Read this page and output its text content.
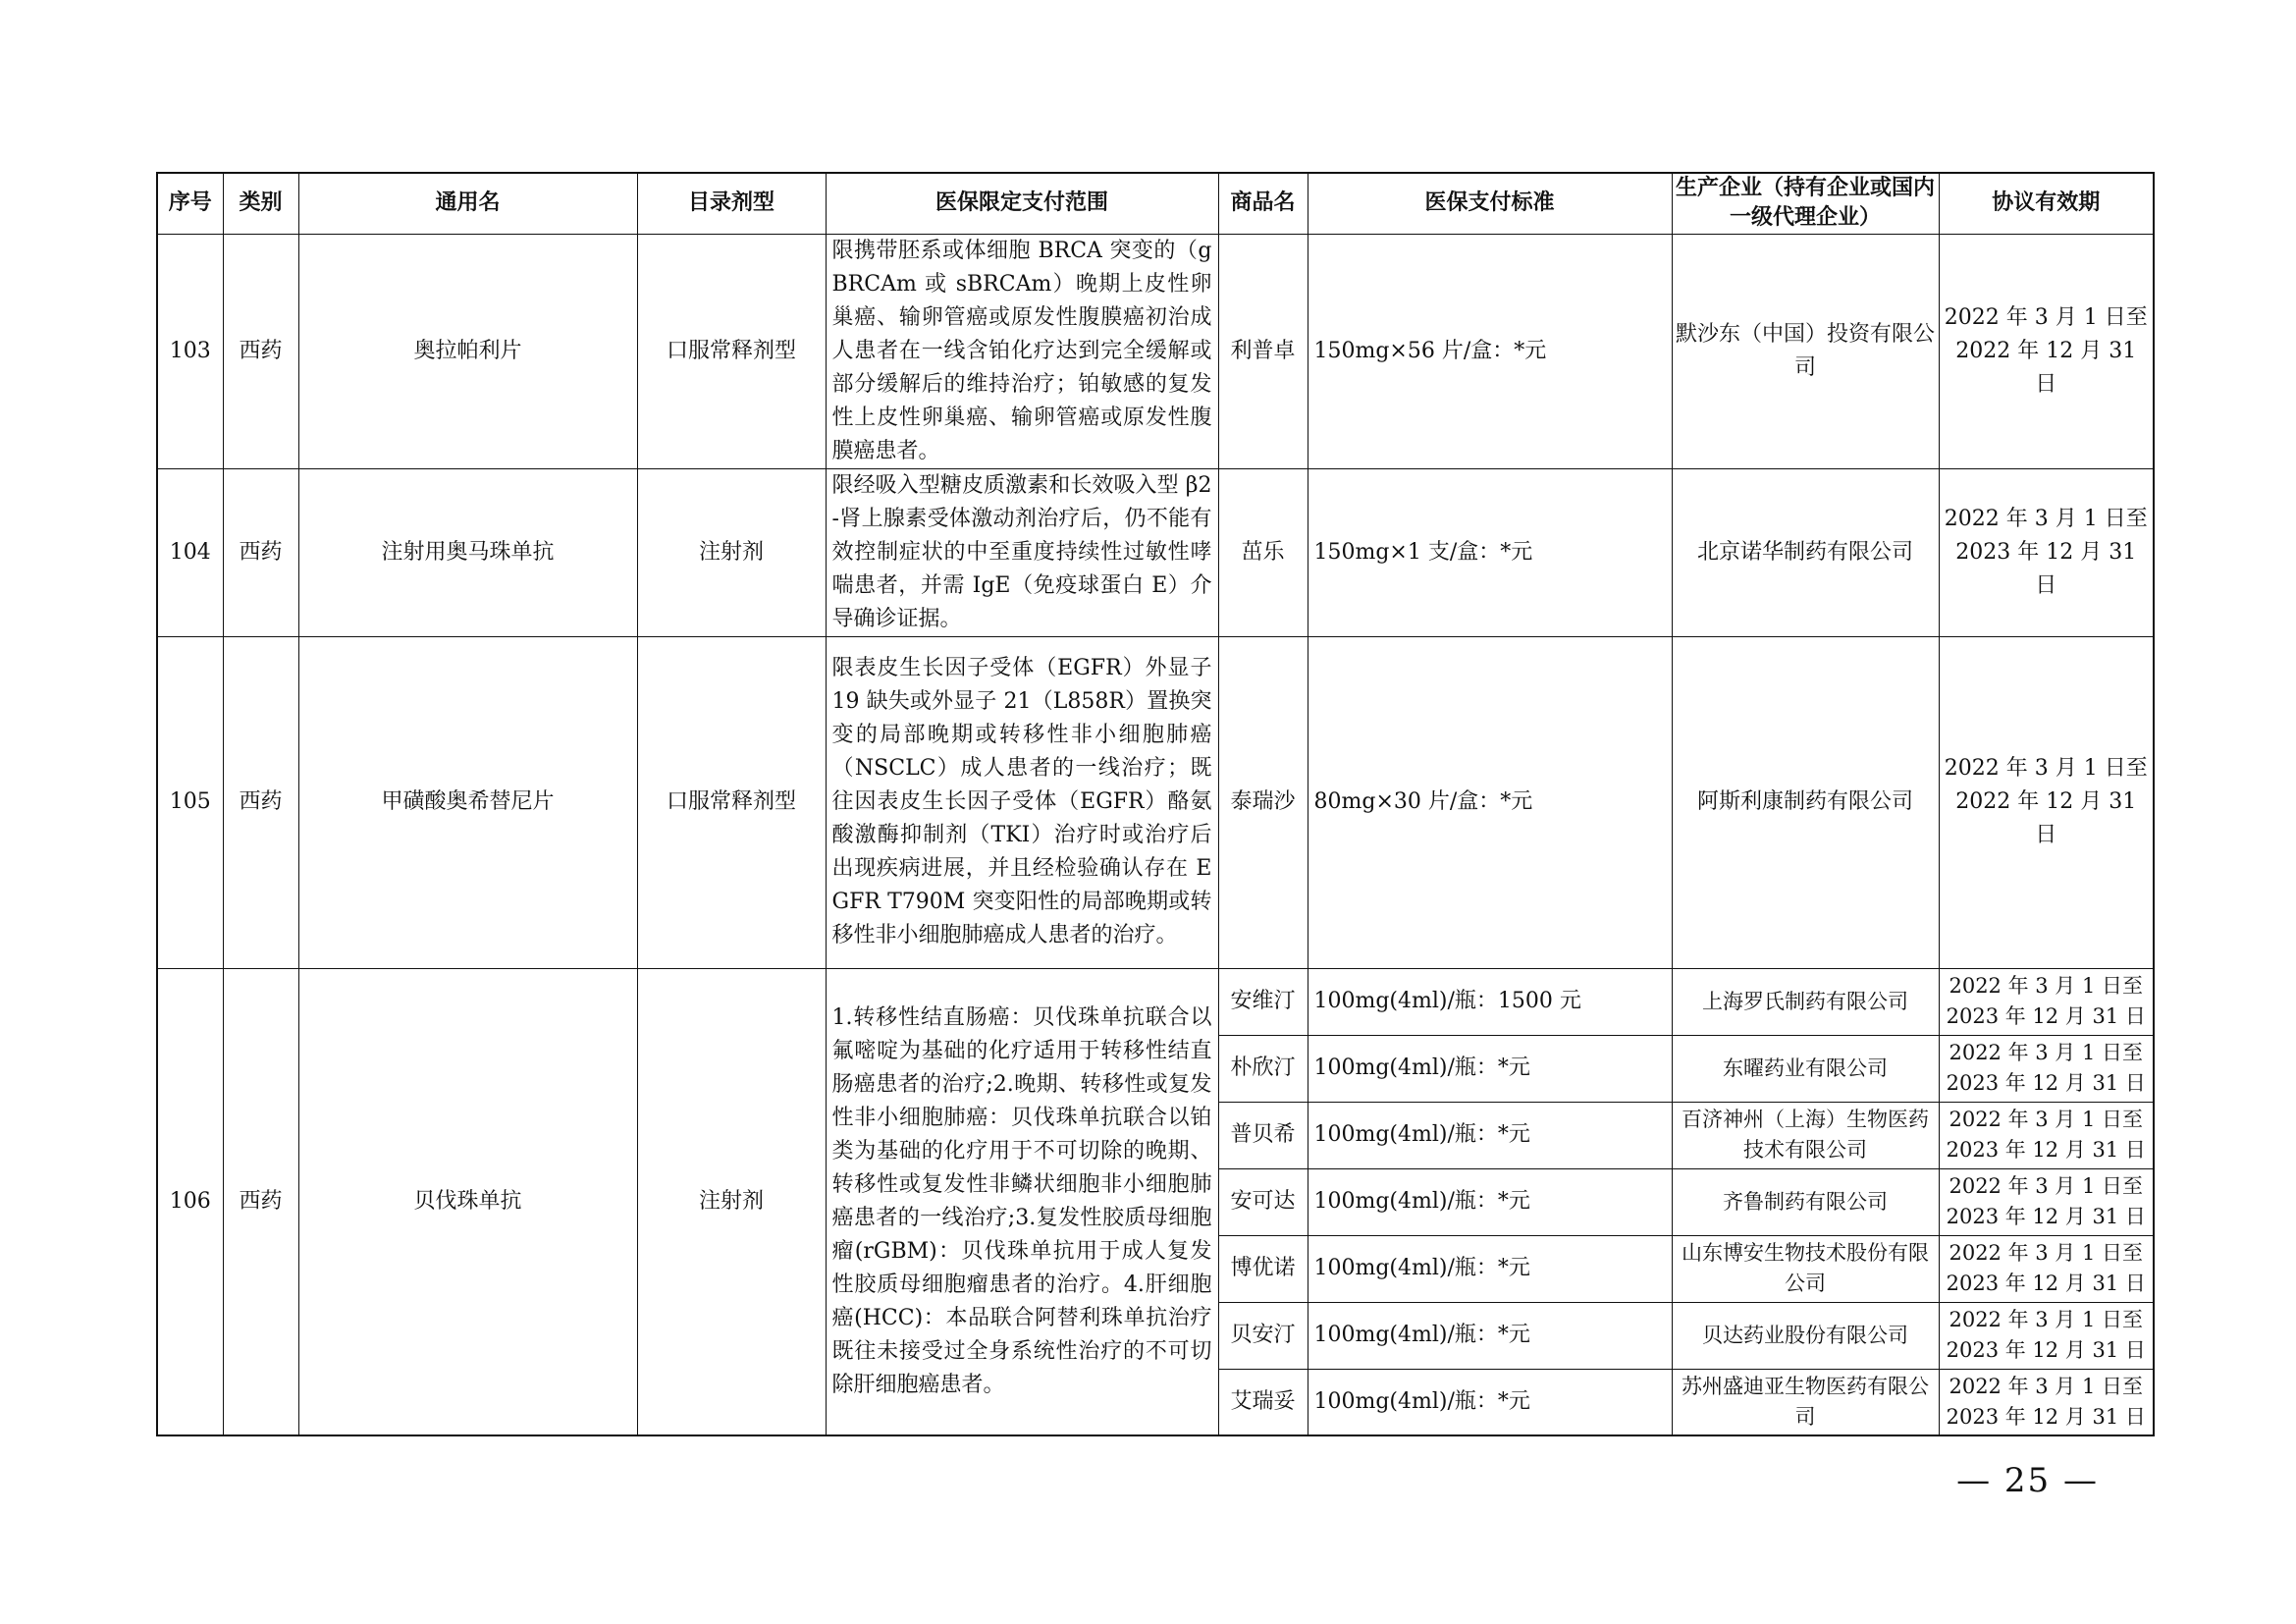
序号	类别	通用名	目录剂型	医保限定支付范围	商品名	医保支付标准	生产企业（持有企业或国内一级代理企业）	协议有效期
103	西药	奥拉帕利片	口服常释剂型	限携带胚系或体细胞 BRCA 突变的（gBRCAm 或 sBRCAm）晚期上皮性卵巢癌、输卵管癌或原发性腹膜癌初治成人患者在一线含铂化疗达到完全缓解或部分缓解后的维持治疗；铂敏感的复发性上皮性卵巢癌、输卵管癌或原发性腹膜癌患者。	利普卓	150mg×56 片/盒：*元	默沙东（中国）投资有限公司	2022 年 3 月 1 日至 2022 年 12 月 31 日
104	西药	注射用奥马珠单抗	注射剂	限经吸入型糖皮质激素和长效吸入型 β2-肾上腺素受体激动剂治疗后，仍不能有效控制症状的中至重度持续性过敏性哮喘患者，并需 IgE（免疫球蛋白 E）介导确诊证据。	茁乐	150mg×1 支/盒：*元	北京诺华制药有限公司	2022 年 3 月 1 日至 2023 年 12 月 31 日
105	西药	甲磺酸奥希替尼片	口服常释剂型	限表皮生长因子受体（EGFR）外显子 19 缺失或外显子 21（L858R）置换突变的局部晚期或转移性非小细胞肺癌（NSCLC）成人患者的一线治疗；既往因表皮生长因子受体（EGFR）酪氨酸激酶抑制剂（TKI）治疗时或治疗后出现疾病进展，并且经检验确认存在 EGFR T790M 突变阳性的局部晚期或转移性非小细胞肺癌成人患者的治疗。	泰瑞沙	80mg×30 片/盒：*元	阿斯利康制药有限公司	2022 年 3 月 1 日至 2022 年 12 月 31 日
106	西药	贝伐珠单抗	注射剂	1.转移性结直肠癌：贝伐珠单抗联合以氟嘧啶为基础的化疗适用于转移性结直肠癌患者的治疗;2.晚期、转移性或复发性非小细胞肺癌：贝伐珠单抗联合以铂类为基础的化疗用于不可切除的晚期、转移性或复发性非鳞状细胞非小细胞肺癌患者的一线治疗;3.复发性胶质母细胞瘤(rGBM)：贝伐珠单抗用于成人复发性胶质母细胞瘤患者的治疗。4.肝细胞癌(HCC)：本品联合阿替利珠单抗治疗既往未接受过全身系统性治疗的不可切除肝细胞癌患者。	安维汀	100mg(4ml)/瓶：1500 元	上海罗氏制药有限公司	2022 年 3 月 1 日至 2023 年 12 月 31 日
					朴欣汀	100mg(4ml)/瓶：*元	东曜药业有限公司	2022 年 3 月 1 日至 2023 年 12 月 31 日
					普贝希	100mg(4ml)/瓶：*元	百济神州（上海）生物医药技术有限公司	2022 年 3 月 1 日至 2023 年 12 月 31 日
					安可达	100mg(4ml)/瓶：*元	齐鲁制药有限公司	2022 年 3 月 1 日至 2023 年 12 月 31 日
					博优诺	100mg(4ml)/瓶：*元	山东博安生物技术股份有限公司	2022 年 3 月 1 日至 2023 年 12 月 31 日
					贝安汀	100mg(4ml)/瓶：*元	贝达药业股份有限公司	2022 年 3 月 1 日至 2023 年 12 月 31 日
					艾瑞妥	100mg(4ml)/瓶：*元	苏州盛迪亚生物医药有限公司	2022 年 3 月 1 日至 2023 年 12 月 31 日
— 25 —
